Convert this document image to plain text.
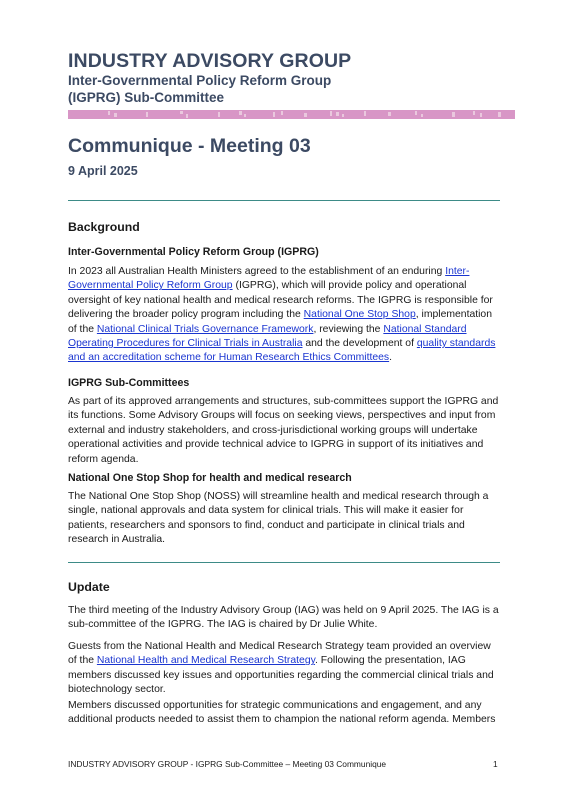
INDUSTRY ADVISORY GROUP
Inter-Governmental Policy Reform Group
(IGPRG) Sub-Committee
Communique - Meeting 03
9 April 2025
Background
Inter-Governmental Policy Reform Group (IGPRG)
In 2023 all Australian Health Ministers agreed to the establishment of an enduring Inter-Governmental Policy Reform Group (IGPRG), which will provide policy and operational oversight of key national health and medical research reforms. The IGPRG is responsible for delivering the broader policy program including the National One Stop Shop, implementation of the National Clinical Trials Governance Framework, reviewing the National Standard Operating Procedures for Clinical Trials in Australia and the development of quality standards and an accreditation scheme for Human Research Ethics Committees.
IGPRG Sub-Committees
As part of its approved arrangements and structures, sub-committees support the IGPRG and its functions. Some Advisory Groups will focus on seeking views, perspectives and input from external and industry stakeholders, and cross-jurisdictional working groups will undertake operational activities and provide technical advice to IGPRG in support of its initiatives and reform agenda.
National One Stop Shop for health and medical research
The National One Stop Shop (NOSS) will streamline health and medical research through a single, national approvals and data system for clinical trials. This will make it easier for patients, researchers and sponsors to find, conduct and participate in clinical trials and research in Australia.
Update
The third meeting of the Industry Advisory Group (IAG) was held on 9 April 2025. The IAG is a sub-committee of the IGPRG. The IAG is chaired by Dr Julie White.
Guests from the National Health and Medical Research Strategy team provided an overview of the National Health and Medical Research Strategy. Following the presentation, IAG members discussed key issues and opportunities regarding the commercial clinical trials and biotechnology sector.
Members discussed opportunities for strategic communications and engagement, and any additional products needed to assist them to champion the national reform agenda. Members
INDUSTRY ADVISORY GROUP - IGPRG Sub-Committee – Meeting 03 Communique	1
